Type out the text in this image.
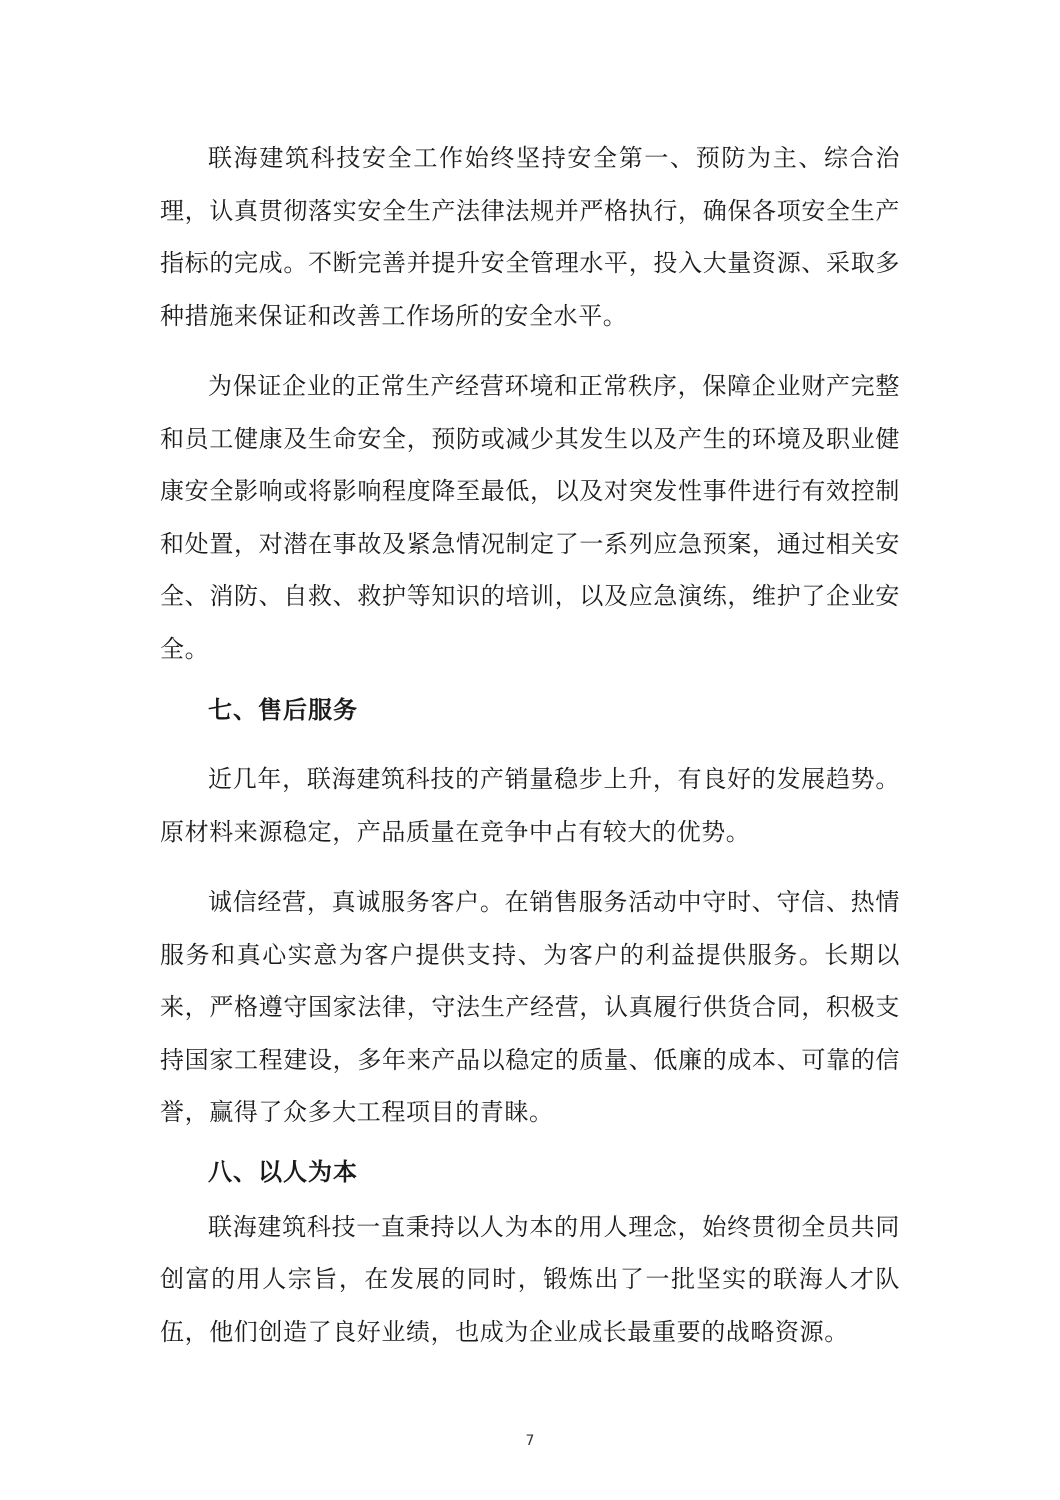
联海建筑科技安全工作始终坚持安全第一、预防为主、综合治理，认真贯彻落实安全生产法律法规并严格执行，确保各项安全生产指标的完成。不断完善并提升安全管理水平，投入大量资源、采取多种措施来保证和改善工作场所的安全水平。

为保证企业的正常生产经营环境和正常秩序，保障企业财产完整和员工健康及生命安全，预防或减少其发生以及产生的环境及职业健康安全影响或将影响程度降至最低，以及对突发性事件进行有效控制和处置，对潜在事故及紧急情况制定了一系列应急预案，通过相关安全、消防、自救、救护等知识的培训，以及应急演练，维护了企业安全。

七、售后服务

近几年，联海建筑科技的产销量稳步上升，有良好的发展趋势。原材料来源稳定，产品质量在竞争中占有较大的优势。

诚信经营，真诚服务客户。在销售服务活动中守时、守信、热情服务和真心实意为客户提供支持、为客户的利益提供服务。长期以来，严格遵守国家法律，守法生产经营，认真履行供货合同，积极支持国家工程建设，多年来产品以稳定的质量、低廉的成本、可靠的信誉，赢得了众多大工程项目的青睐。

八、以人为本

联海建筑科技一直秉持以人为本的用人理念，始终贯彻全员共同创富的用人宗旨，在发展的同时，锻炼出了一批坚实的联海人才队伍，他们创造了良好业绩，也成为企业成长最重要的战略资源。

7
